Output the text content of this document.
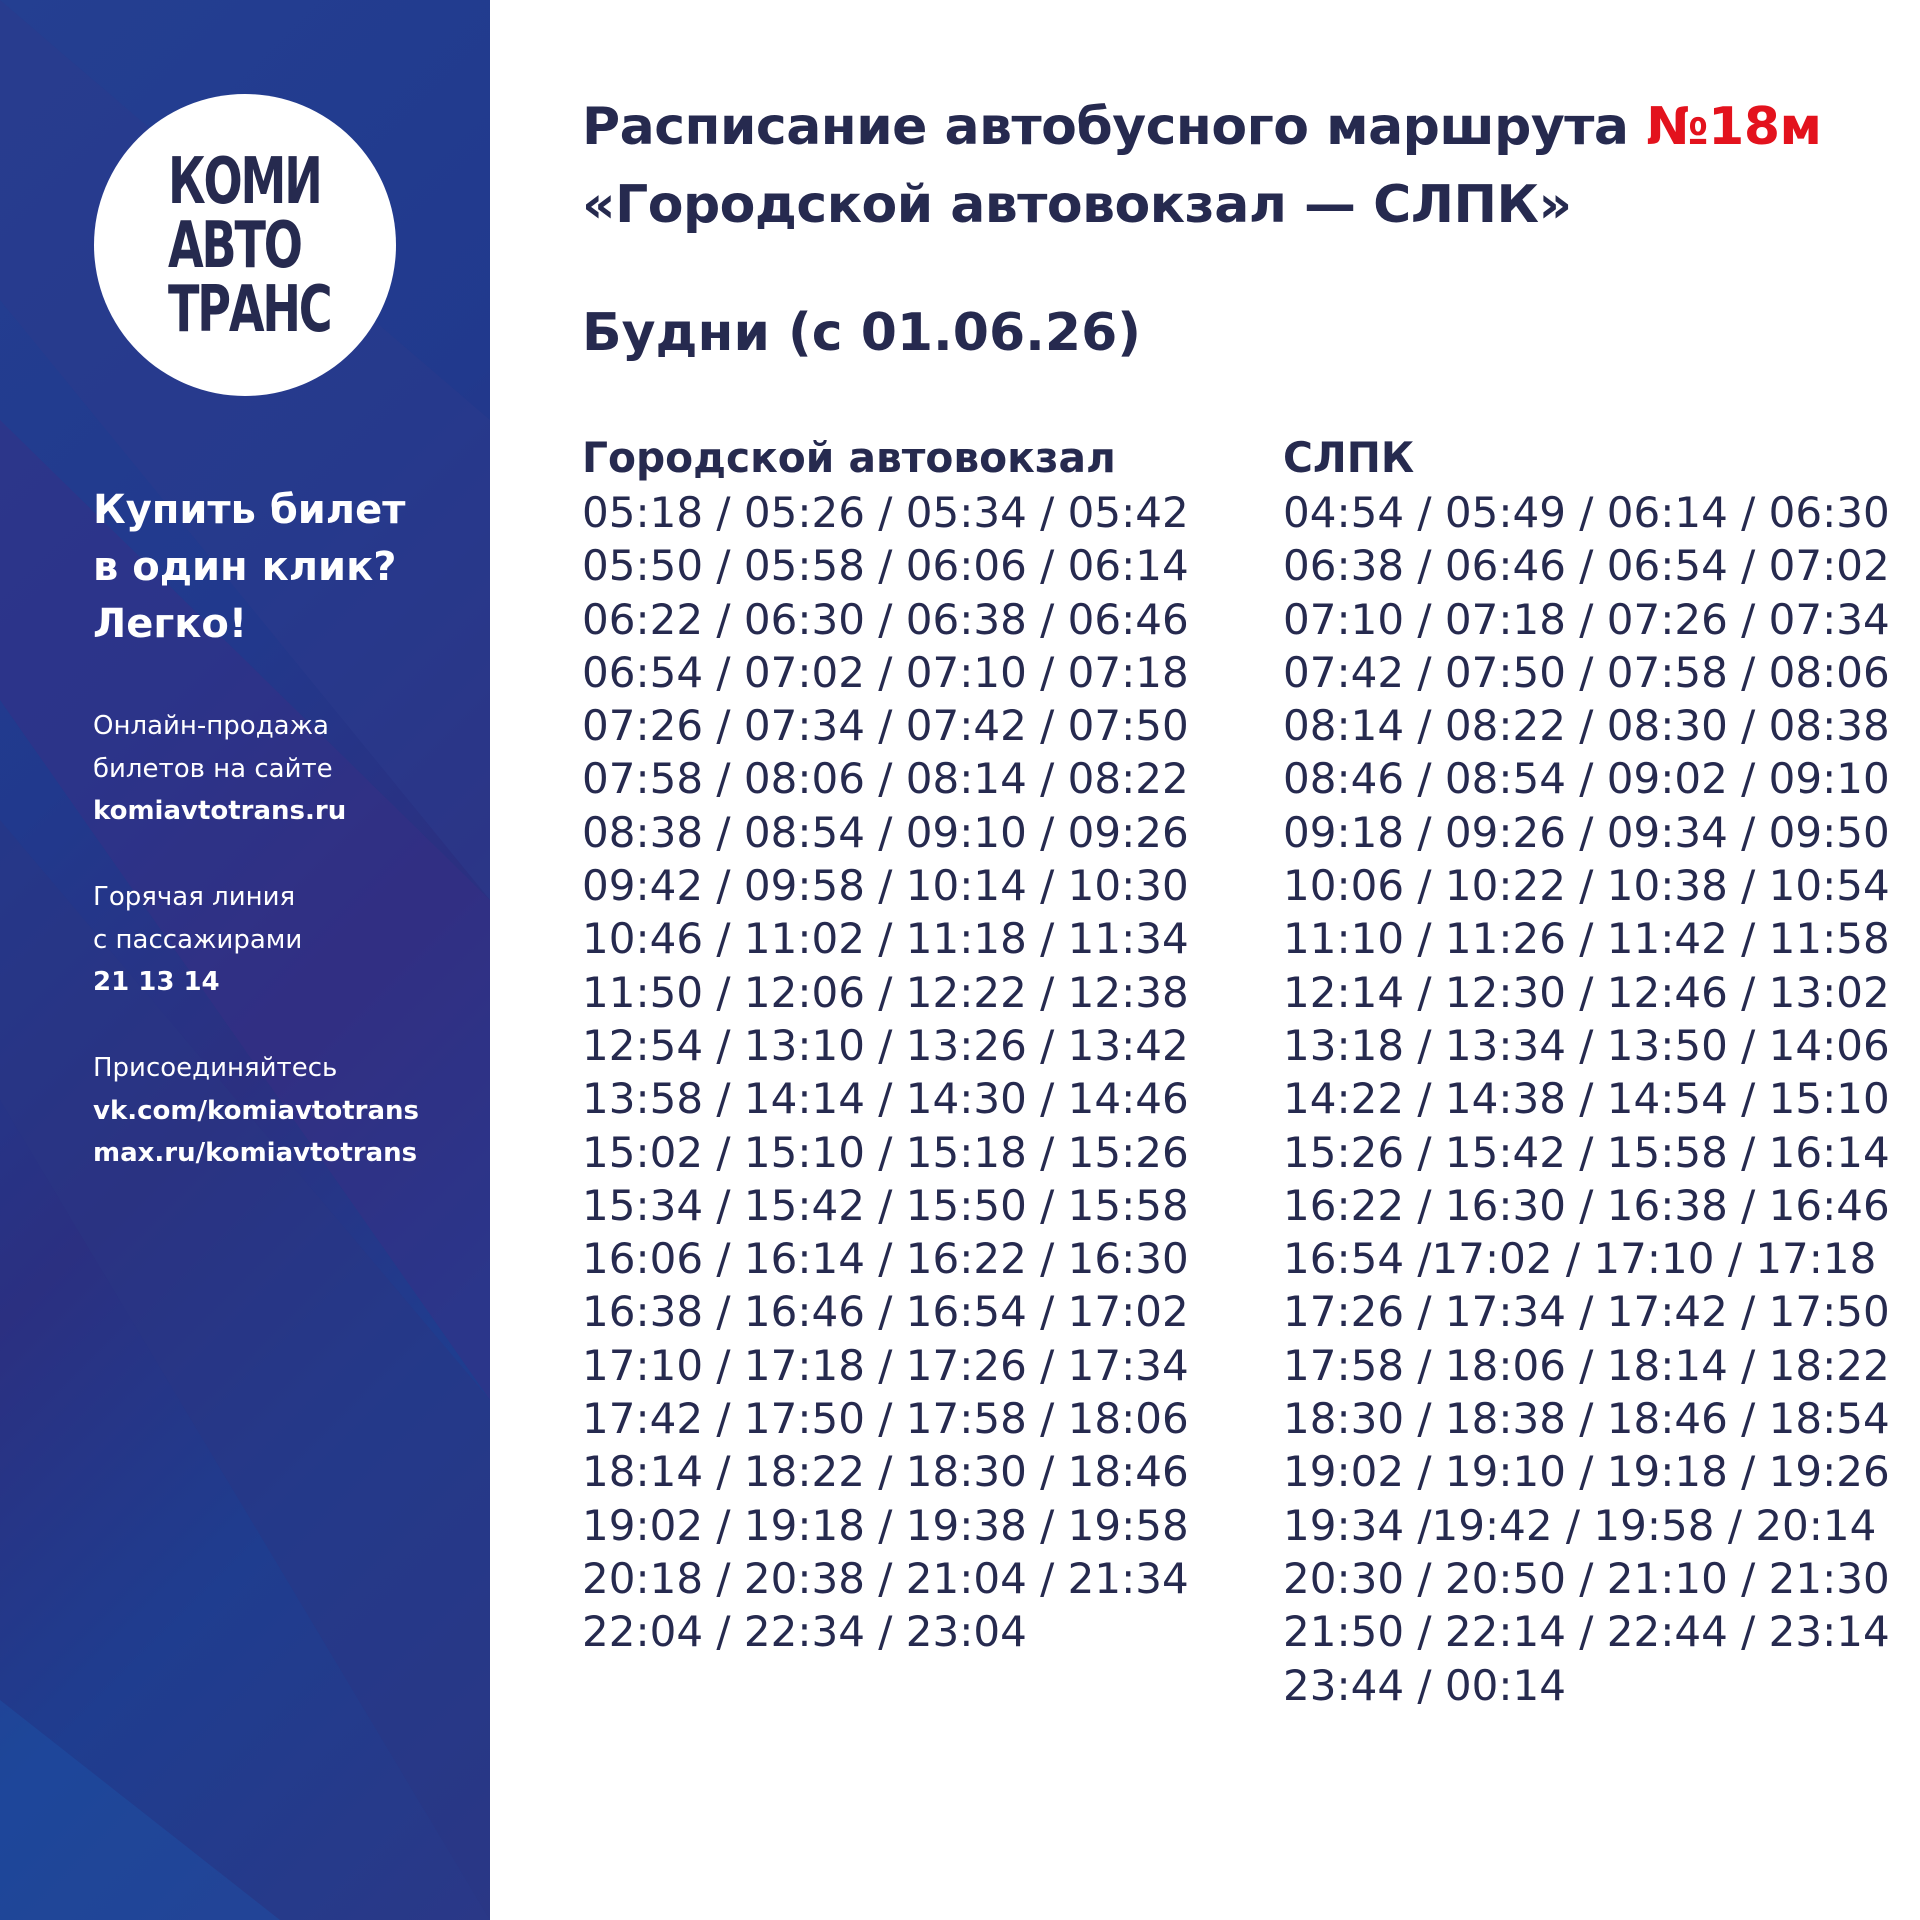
КОМИ
АВТО
ТРАНС
Купить билет
в один клик?
Легко!
Онлайн-продажа
билетов на сайте
komiavtotrans.ru
Горячая линия
с пассажирами
21 13 14
Присоединяйтесь
vk.com/komiavtotrans
max.ru/komiavtotrans
Расписание автобусного маршрута №18м
«Городской автовокзал — СЛПК»
Будни (с 01.06.26)
Городской автовокзал
05:18 / 05:26 / 05:34 / 05:42
05:50 / 05:58 / 06:06 / 06:14
06:22 / 06:30 / 06:38 / 06:46
06:54 / 07:02 / 07:10 / 07:18
07:26 / 07:34 / 07:42 / 07:50
07:58 / 08:06 / 08:14 / 08:22
08:38 / 08:54 / 09:10 / 09:26
09:42 / 09:58 / 10:14 / 10:30
10:46 / 11:02 / 11:18 / 11:34
11:50 / 12:06 / 12:22 / 12:38
12:54 / 13:10 / 13:26 / 13:42
13:58 / 14:14 / 14:30 / 14:46
15:02 / 15:10 / 15:18 / 15:26
15:34 / 15:42 / 15:50 / 15:58
16:06 / 16:14 / 16:22 / 16:30
16:38 / 16:46 / 16:54 / 17:02
17:10 / 17:18 / 17:26 / 17:34
17:42 / 17:50 / 17:58 / 18:06
18:14 / 18:22 / 18:30 / 18:46
19:02 / 19:18 / 19:38 / 19:58
20:18 / 20:38 / 21:04 / 21:34
22:04 / 22:34 / 23:04
СЛПК
04:54 / 05:49 / 06:14 / 06:30
06:38 / 06:46 / 06:54 / 07:02
07:10 / 07:18 / 07:26 / 07:34
07:42 / 07:50 / 07:58 / 08:06
08:14 / 08:22 / 08:30 / 08:38
08:46 / 08:54 / 09:02 / 09:10
09:18 / 09:26 / 09:34 / 09:50
10:06 / 10:22 / 10:38 / 10:54
11:10 / 11:26 / 11:42 / 11:58
12:14 / 12:30 / 12:46 / 13:02
13:18 / 13:34 / 13:50 / 14:06
14:22 / 14:38 / 14:54 / 15:10
15:26 / 15:42 / 15:58 / 16:14
16:22 / 16:30 / 16:38 / 16:46
16:54 /17:02 / 17:10 / 17:18
17:26 / 17:34 / 17:42 / 17:50
17:58 / 18:06 / 18:14 / 18:22
18:30 / 18:38 / 18:46 / 18:54
19:02 / 19:10 / 19:18 / 19:26
19:34 /19:42 / 19:58 / 20:14
20:30 / 20:50 / 21:10 / 21:30
21:50 / 22:14 / 22:44 / 23:14
23:44 / 00:14
